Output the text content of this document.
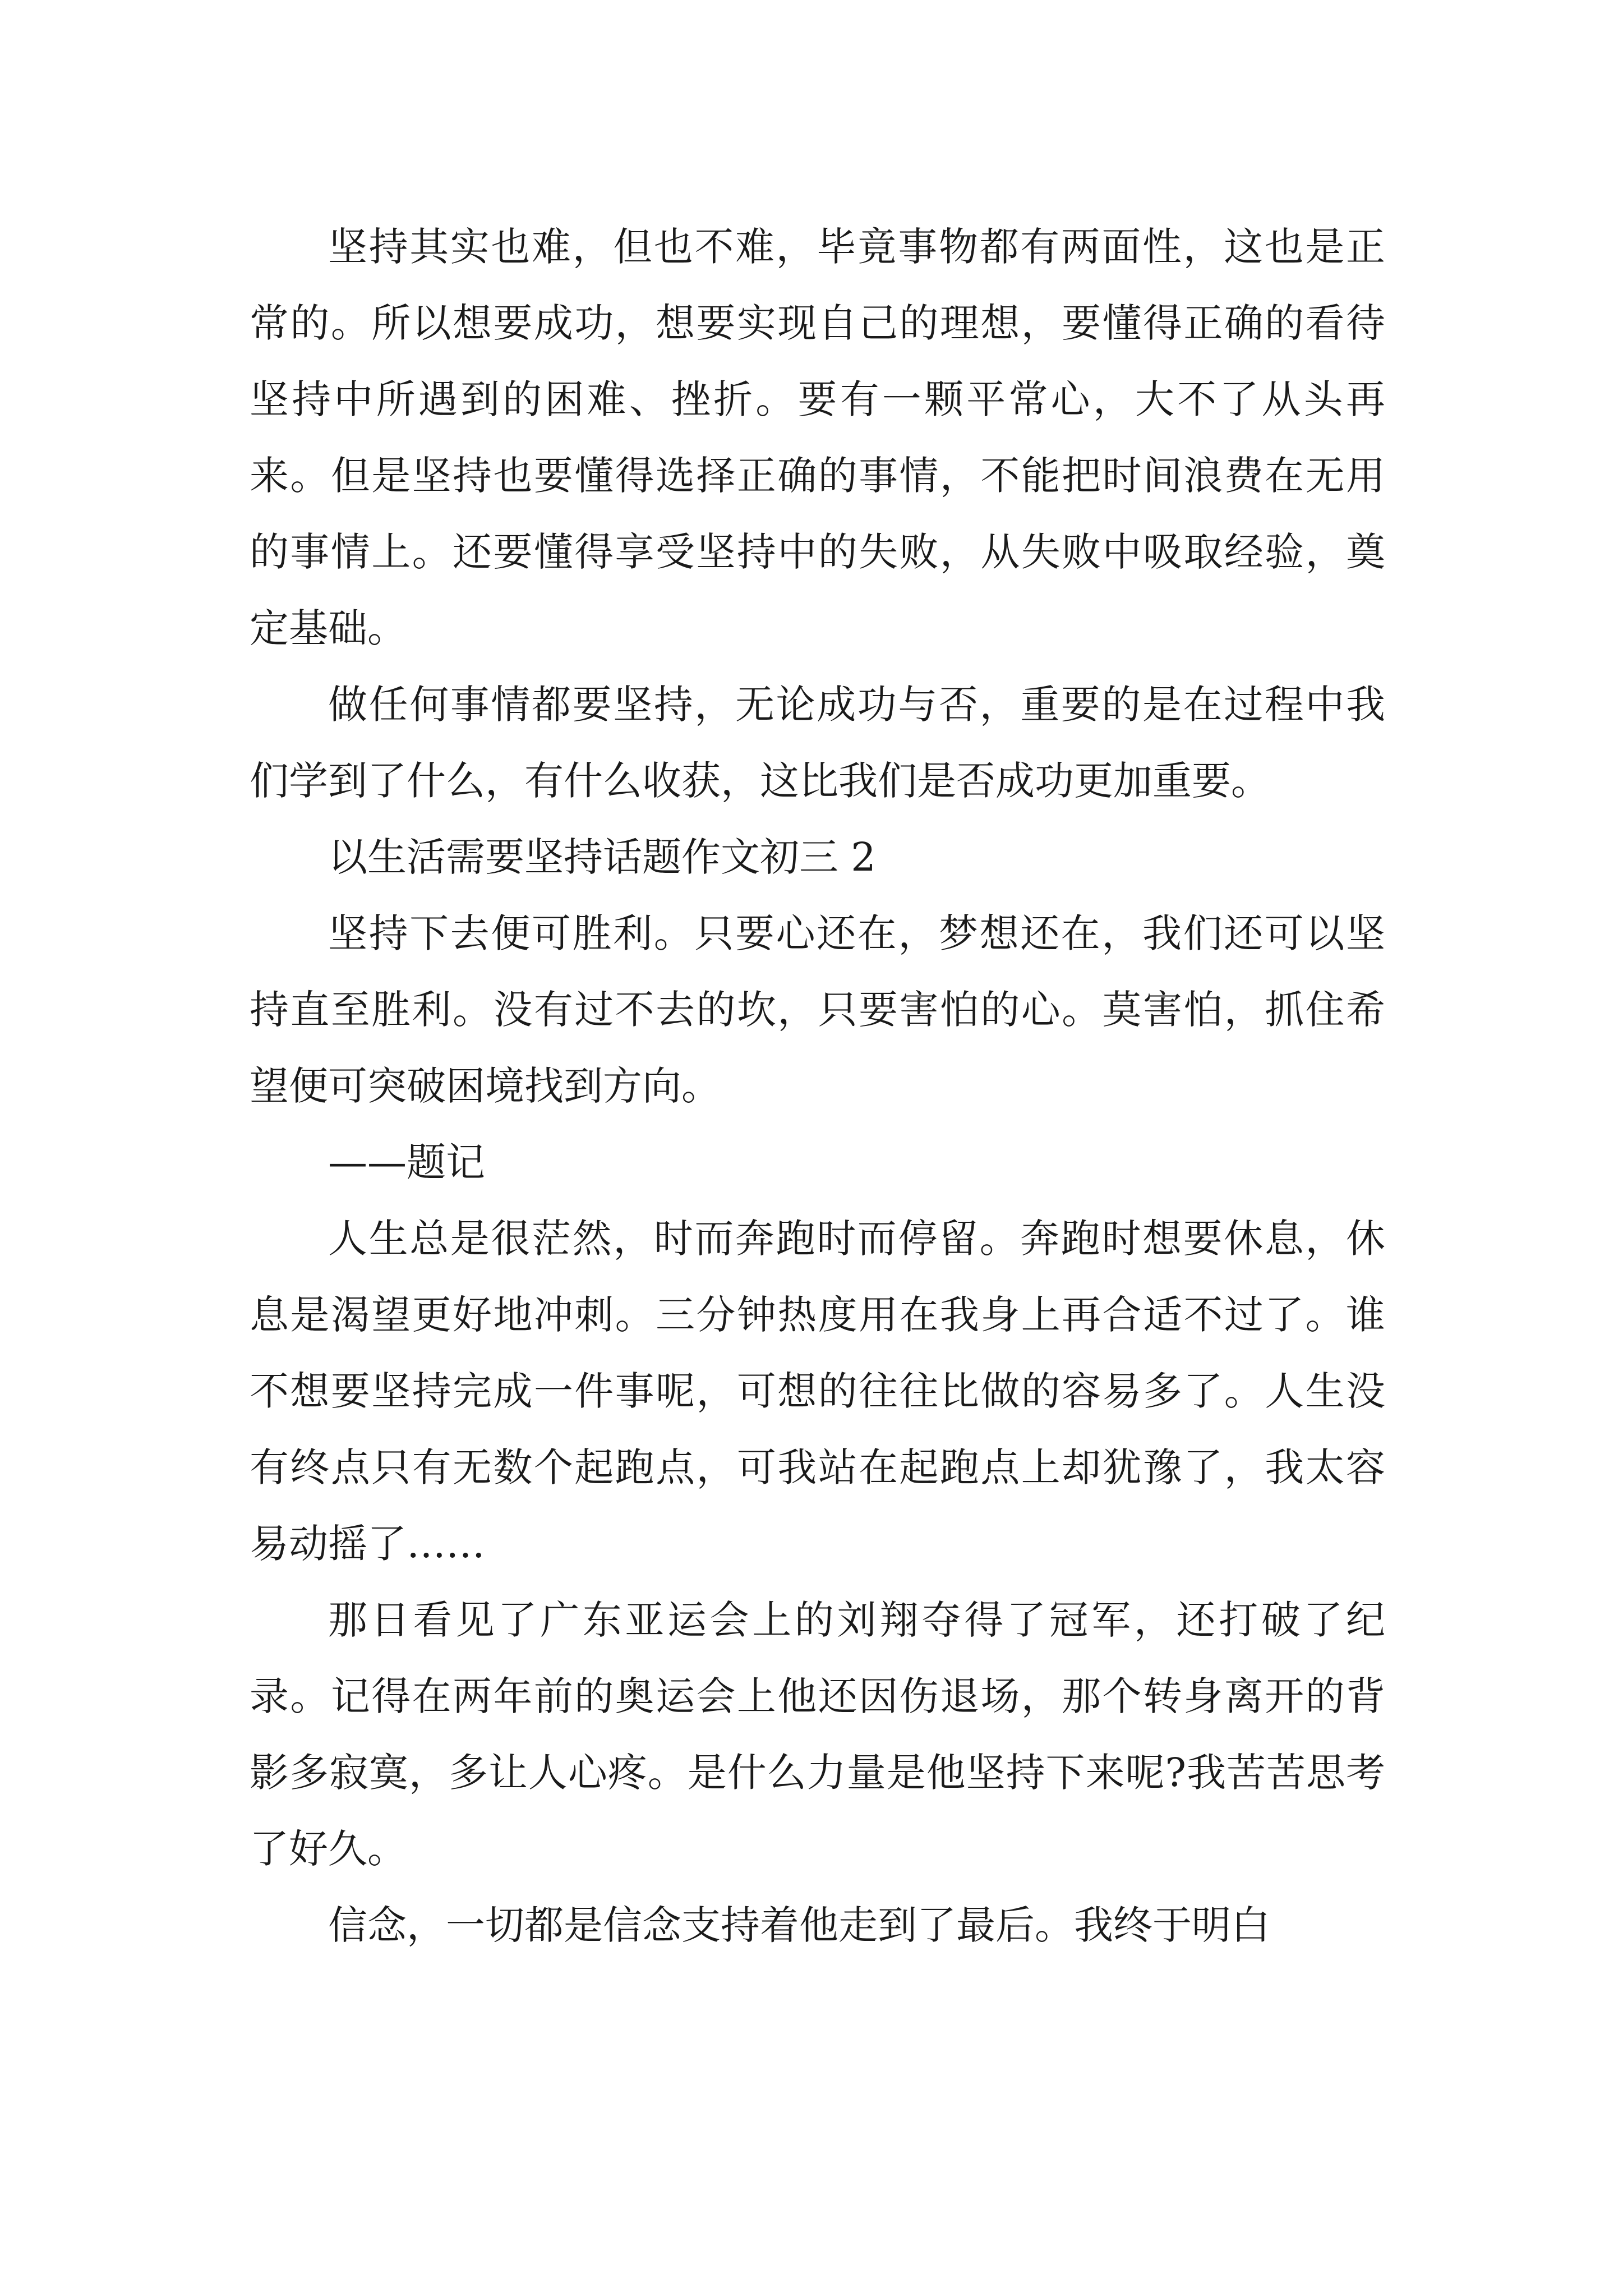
坚持其实也难，但也不难，毕竟事物都有两面性，这也是正常的。所以想要成功，想要实现自己的理想，要懂得正确的看待坚持中所遇到的困难、挫折。要有一颗平常心，大不了从头再来。但是坚持也要懂得选择正确的事情，不能把时间浪费在无用的事情上。还要懂得享受坚持中的失败，从失败中吸取经验，奠定基础。

做任何事情都要坚持，无论成功与否，重要的是在过程中我们学到了什么，有什么收获，这比我们是否成功更加重要。

以生活需要坚持话题作文初三 2

坚持下去便可胜利。只要心还在，梦想还在，我们还可以坚持直至胜利。没有过不去的坎，只要害怕的心。莫害怕，抓住希望便可突破困境找到方向。

——题记

人生总是很茫然，时而奔跑时而停留。奔跑时想要休息，休息是渴望更好地冲刺。三分钟热度用在我身上再合适不过了。谁不想要坚持完成一件事呢，可想的往往比做的容易多了。人生没有终点只有无数个起跑点，可我站在起跑点上却犹豫了，我太容易动摇了……

那日看见了广东亚运会上的刘翔夺得了冠军，还打破了纪录。记得在两年前的奥运会上他还因伤退场，那个转身离开的背影多寂寞，多让人心疼。是什么力量是他坚持下来呢?我苦苦思考了好久。

信念，一切都是信念支持着他走到了最后。我终于明白
